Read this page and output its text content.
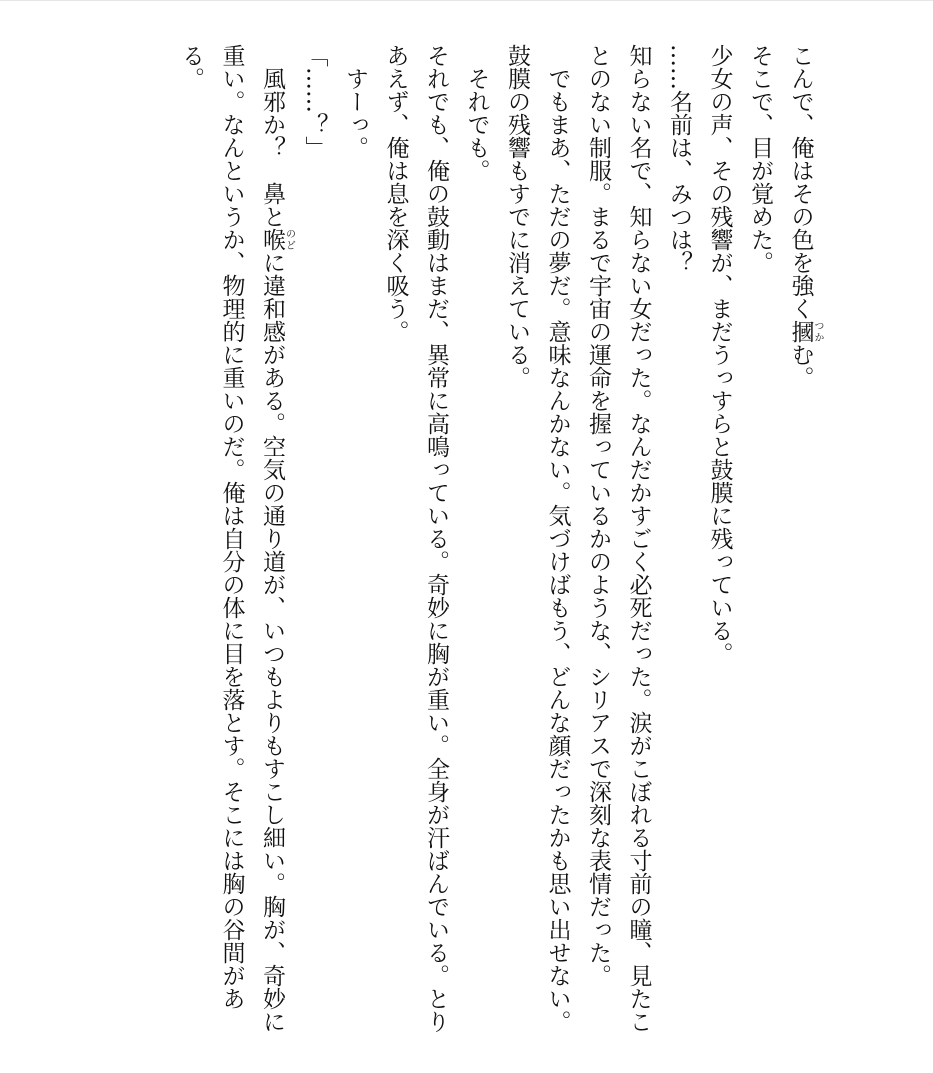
こんで、俺はその色を強く摑つかむ。

そこで、目が覚めた。

少女の声、その残響が、まだうっすらと鼓膜に残っている。

……名前は、みつは？

知らない名で、知らない女だった。なんだかすごく必死だった。涙がこぼれる寸前の瞳、見たことのない制服。まるで宇宙の運命を握っているかのような、シリアスで深刻な表情だった。

でもまあ、ただの夢だ。意味なんかない。気づけばもう、どんな顔だったかも思い出せない。鼓膜の残響もすでに消えている。

それでも。

それでも、俺の鼓動はまだ、異常に高鳴っている。奇妙に胸が重い。全身が汗ばんでいる。とりあえず、俺は息を深く吸う。

すーっ。

「……？」

風邪か？　鼻と喉のどに違和感がある。空気の通り道が、いつもよりもすこし細い。胸が、奇妙に重い。なんというか、物理的に重いのだ。俺は自分の体に目を落とす。そこには胸の谷間がある。
